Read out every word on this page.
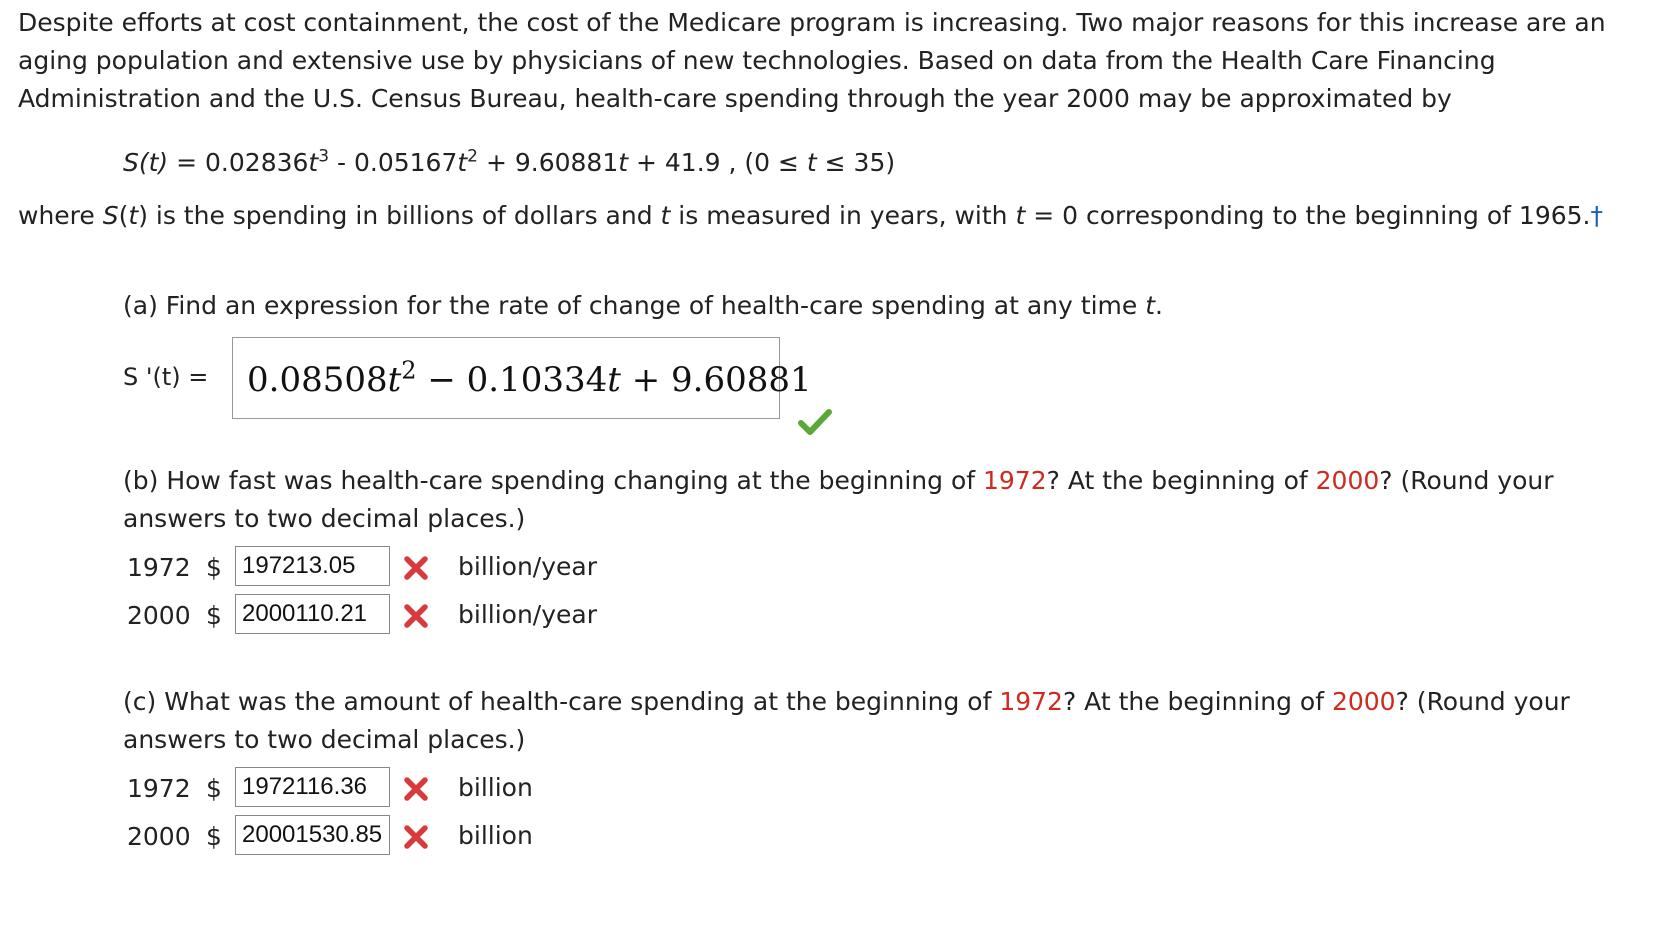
Despite efforts at cost containment, the cost of the Medicare program is increasing. Two major reasons for this increase are an aging population and extensive use by physicians of new technologies. Based on data from the Health Care Financing Administration and the U.S. Census Bureau, health-care spending through the year 2000 may be approximated by

$S(t) = 0.02836t^3 - 0.05167t^2 + 9.60881t + 41.9$ , (0 ≤ t ≤ 35)
where S(t) is the spending in billions of dollars and t is measured in years, with t = 0 corresponding to the beginning of 1965.†
(a) Find an expression for the rate of change of health-care spending at any time t.
S '(t) =	$0.08508t^2 - 0.10334t + 9.60881$
(b) How fast was health-care spending changing at the beginning of 1972? At the beginning of 2000? (Round your answers to two decimal places.)
1972 $ 197213.05	billion/year
2000 $ 2000110.21	billion/year
(c) What was the amount of health-care spending at the beginning of 1972? At the beginning of 2000? (Round your answers to two decimal places.)
1972 $ 1972116.36	billion
2000 $ 20001530.85	billion
